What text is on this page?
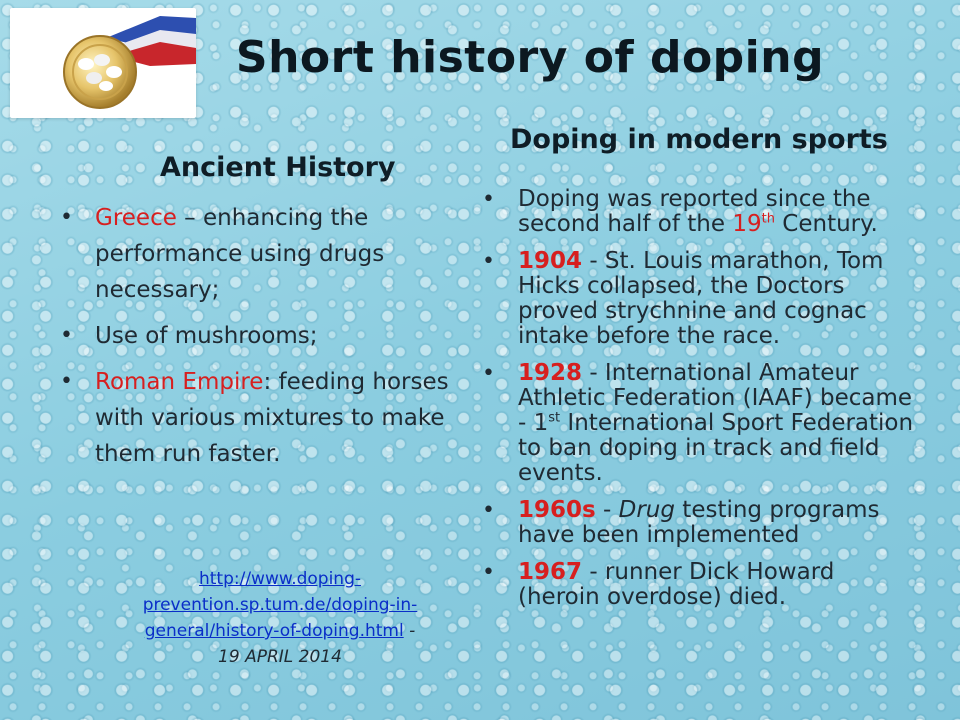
Short history of doping
Ancient History
• Greece – enhancing the performance using drugs necessary;
• Use of mushrooms;
• Roman Empire: feeding horses with various mixtures to make them run faster.
http://www.doping-prevention.sp.tum.de/doping-in-general/history-of-doping.html -
19 APRIL 2014
Doping in modern sports
• Doping was reported since the second half of the 19th Century.
• 1904 - St. Louis marathon, Tom Hicks collapsed, the Doctors proved strychnine and cognac intake before the race.
• 1928 - International Amateur Athletic Federation (IAAF) became - 1st International Sport Federation to ban doping in track and field events.
• 1960s - Drug testing programs have been implemented
• 1967 - runner Dick Howard (heroin overdose) died.
